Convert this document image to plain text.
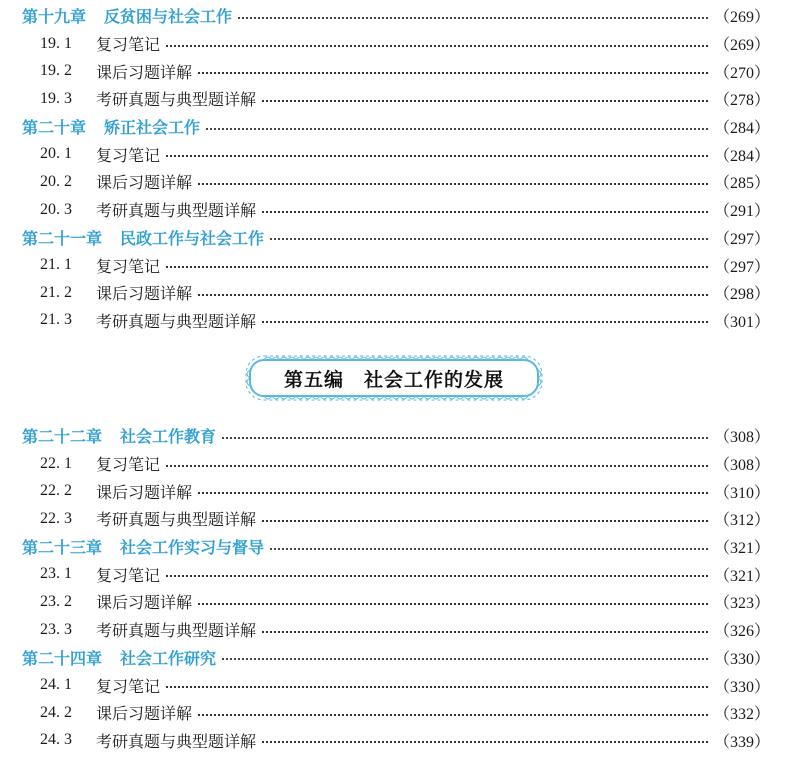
第十九章 反贫困与社会工作	（269）
19. 1	复习笔记	（269）
19. 2	课后习题详解	（270）
19. 3	考研真题与典型题详解	（278）
第二十章 矫正社会工作	（284）
20. 1	复习笔记	（284）
20. 2	课后习题详解	（285）
20. 3	考研真题与典型题详解	（291）
第二十一章 民政工作与社会工作	（297）
21. 1	复习笔记	（297）
21. 2	课后习题详解	（298）
21. 3	考研真题与典型题详解	（301）
第五编　社会工作的发展
第二十二章 社会工作教育	（308）
22. 1	复习笔记	（308）
22. 2	课后习题详解	（310）
22. 3	考研真题与典型题详解	（312）
第二十三章 社会工作实习与督导	（321）
23. 1	复习笔记	（321）
23. 2	课后习题详解	（323）
23. 3	考研真题与典型题详解	（326）
第二十四章 社会工作研究	（330）
24. 1	复习笔记	（330）
24. 2	课后习题详解	（332）
24. 3	考研真题与典型题详解	（339）
